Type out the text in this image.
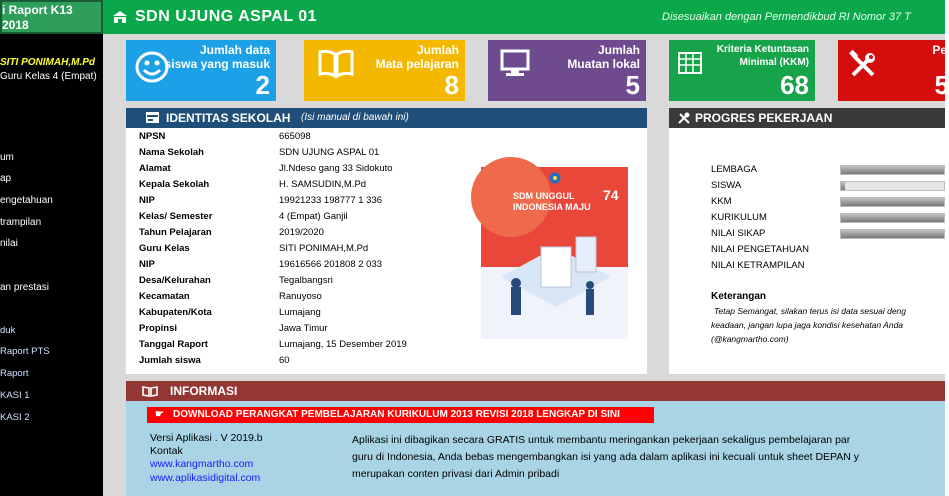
i Raport K13
2018
SITI PONIMAH,M.Pd
Guru Kelas 4 (Empat)
um
ap
engetahuan
trampilan
nilai
an prestasi
duk
Raport PTS
Raport
KASI 1
KASI 2
SDN UJUNG ASPAL 01	Disesuaikan dengan Permendikbud RI Nomor 37 T
Jumlah data
siswa yang masuk
2
Jumlah
Mata pelajaran
8
Jumlah
Muatan lokal
5
Kriteria Ketuntasan
Minimal (KKM)
68
Pe
5
IDENTITAS SEKOLAH (Isi manual di bawah ini)
NPSN	665098
Nama Sekolah	SDN UJUNG ASPAL 01
Alamat	Jl.Ndeso gang 33 Sidokuto
Kepala Sekolah	H. SAMSUDIN,M.Pd
NIP	19921233 198777 1 336
Kelas/ Semester	4 (Empat) Ganjil
Tahun Pelajaran	2019/2020
Guru Kelas	SITI PONIMAH,M.Pd
NIP	19616566 201808 2 033
Desa/Kelurahan	Tegalbangsri
Kecamatan	Ranuyoso
Kabupaten/Kota	Lumajang
Propinsi	Jawa Timur
Tanggal Raport	Lumajang, 15 Desember 2019
Jumlah siswa	60
SDM UNGGUL
INDONESIA MAJU
74
PROGRES PEKERJAAN
LEMBAGA
SISWA
KKM
KURIKULUM
NILAI SIKAP
NILAI PENGETAHUAN
NILAI KETRAMPILAN
Keterangan
Tetap Semangat, silakan terus isi data sesuai deng
keadaan, jangan lupa jaga kondisi kesehatan Anda
(@kangmartho.com)
INFORMASI
☛ DOWNLOAD PERANGKAT PEMBELAJARAN KURIKULUM 2013 REVISI 2018 LENGKAP DI SINI
Versi Aplikasi . V 2019.b
Kontak
www.kangmartho.com
www.aplikasidigital.com
Aplikasi ini dibagikan secara GRATIS untuk membantu meringankan pekerjaan sekaligus pembelajaran par
guru di Indonesia, Anda bebas mengembangkan isi yang ada dalam aplikasi ini kecuali untuk sheet DEPAN y
merupakan conten privasi dari Admin pribadi
